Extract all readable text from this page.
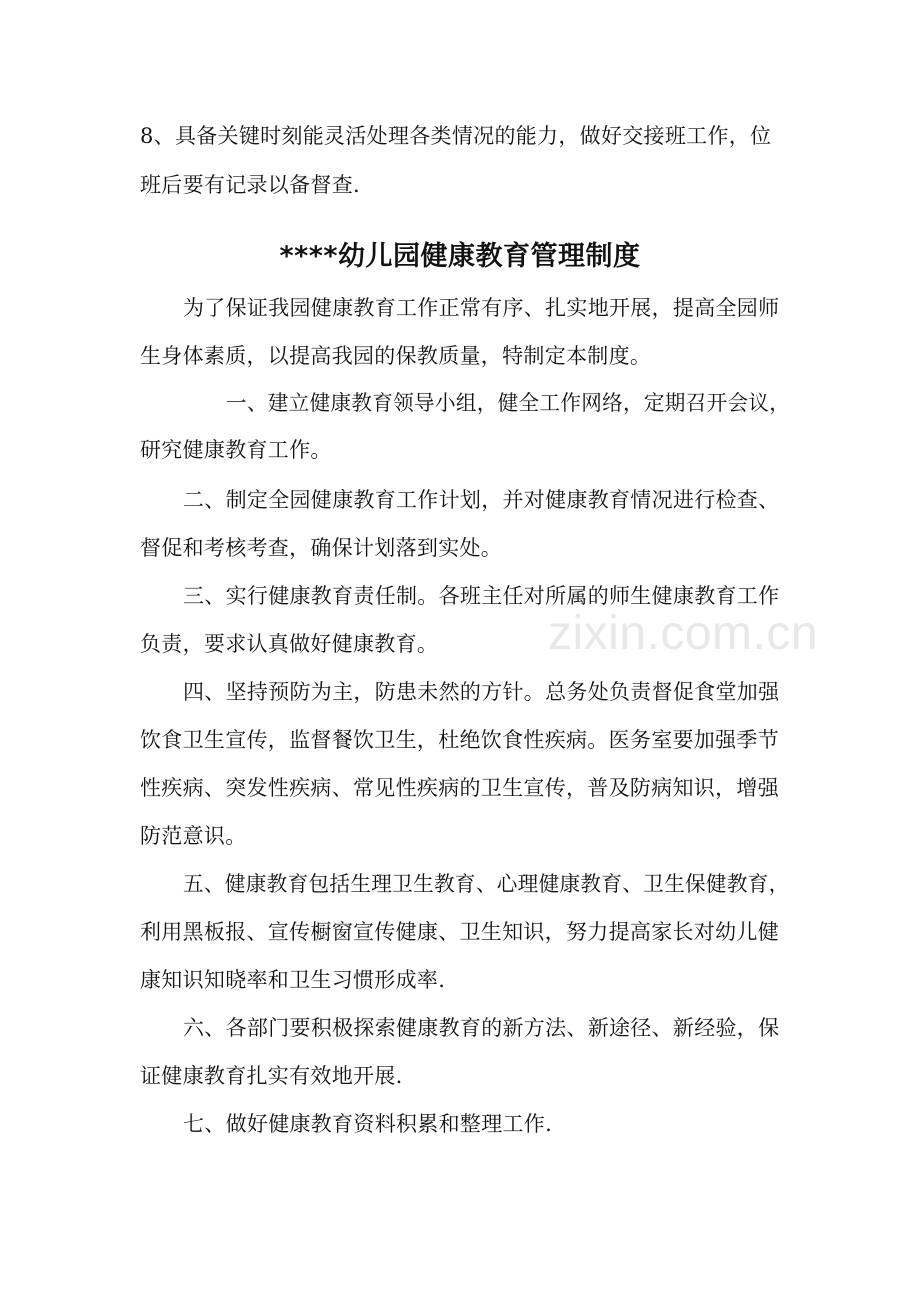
8、具备关键时刻能灵活处理各类情况的能力，做好交接班工作，位

班后要有记录以备督查.

****幼儿园健康教育管理制度

为了保证我园健康教育工作正常有序、扎实地开展，提高全园师

生身体素质，以提高我园的保教质量，特制定本制度。

一、建立健康教育领导小组，健全工作网络，定期召开会议，

研究健康教育工作。

二、制定全园健康教育工作计划，并对健康教育情况进行检查、

督促和考核考查，确保计划落到实处。

三、实行健康教育责任制。各班主任对所属的师生健康教育工作

负责，要求认真做好健康教育。

四、坚持预防为主，防患未然的方针。总务处负责督促食堂加强

饮食卫生宣传，监督餐饮卫生，杜绝饮食性疾病。医务室要加强季节

性疾病、突发性疾病、常见性疾病的卫生宣传，普及防病知识，增强

防范意识。

五、健康教育包括生理卫生教育、心理健康教育、卫生保健教育，

利用黑板报、宣传橱窗宣传健康、卫生知识，努力提高家长对幼儿健

康知识知晓率和卫生习惯形成率.

六、各部门要积极探索健康教育的新方法、新途径、新经验，保

证健康教育扎实有效地开展.

七、做好健康教育资料积累和整理工作.

zixin.com.cn
